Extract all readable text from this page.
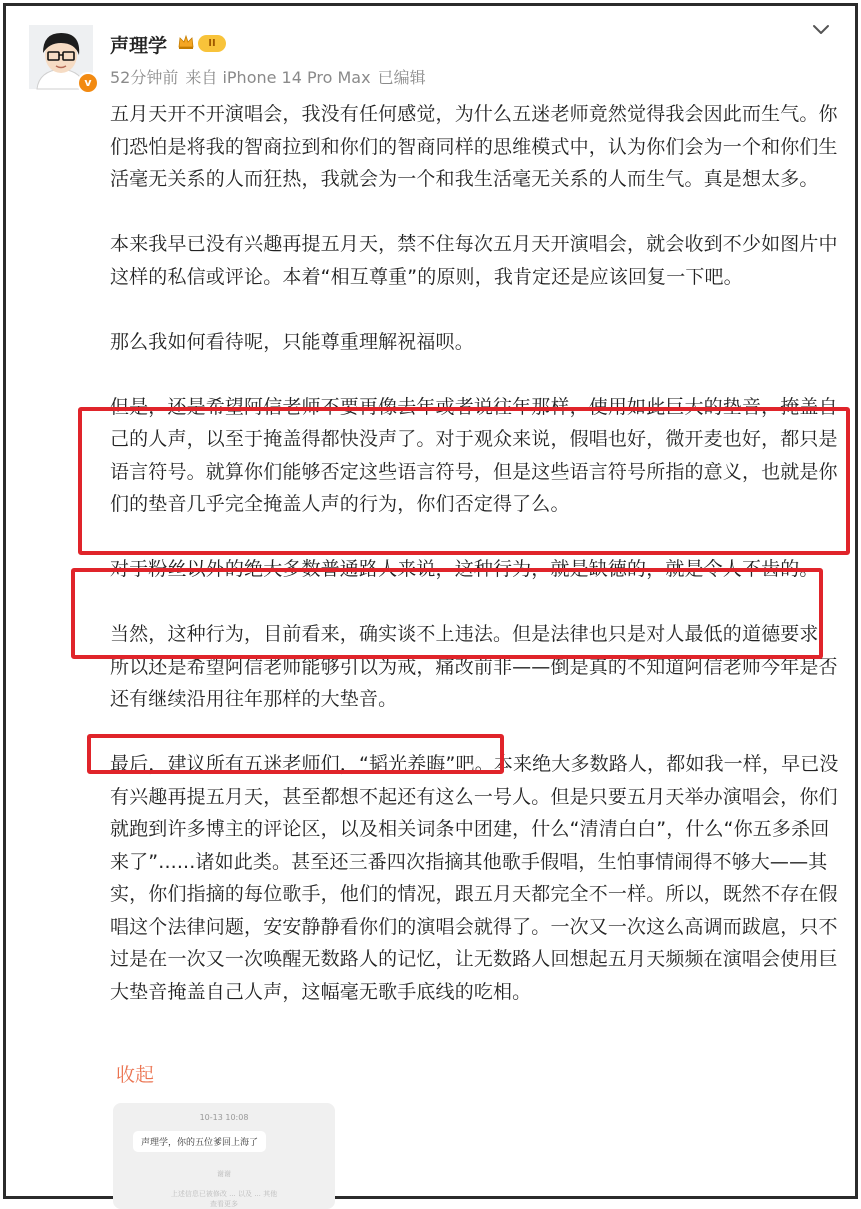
v
声理学	II
52分钟前 来自 iPhone 14 Pro Max 已编辑

五月天开不开演唱会，我没有任何感觉，为什么五迷老师竟然觉得我会因此而生气。你们恐怕是将我的智商拉到和你们的智商同样的思维模式中，认为你们会为一个和你们生活毫无关系的人而狂热，我就会为一个和我生活毫无关系的人而生气。真是想太多。

本来我早已没有兴趣再提五月天，禁不住每次五月天开演唱会，就会收到不少如图片中这样的私信或评论。本着“相互尊重”的原则，我肯定还是应该回复一下吧。

那么我如何看待呢，只能尊重理解祝福呗。

但是，还是希望阿信老师不要再像去年或者说往年那样，使用如此巨大的垫音，掩盖自己的人声，以至于掩盖得都快没声了。对于观众来说，假唱也好，微开麦也好，都只是语言符号。就算你们能够否定这些语言符号，但是这些语言符号所指的意义，也就是你们的垫音几乎完全掩盖人声的行为，你们否定得了么。

对于粉丝以外的绝大多数普通路人来说，这种行为，就是缺德的，就是令人不齿的。

当然，这种行为，目前看来，确实谈不上违法。但是法律也只是对人最低的道德要求，所以还是希望阿信老师能够引以为戒，痛改前非——倒是真的不知道阿信老师今年是否还有继续沿用往年那样的大垫音。

最后，建议所有五迷老师们，“韬光养晦”吧。本来绝大多数路人，都如我一样，早已没有兴趣再提五月天，甚至都想不起还有这么一号人。但是只要五月天举办演唱会，你们就跑到许多博主的评论区，以及相关词条中团建，什么“清清白白”，什么“你五多杀回来了”......诸如此类。甚至还三番四次指摘其他歌手假唱，生怕事情闹得不够大——其实，你们指摘的每位歌手，他们的情况，跟五月天都完全不一样。所以，既然不存在假唱这个法律问题，安安静静看你们的演唱会就得了。一次又一次这么高调而跋扈，只不过是在一次又一次唤醒无数路人的记忆，让无数路人回想起五月天频频在演唱会使用巨大垫音掩盖自己人声，这幅毫无歌手底线的吃相。

收起
10-13 10:08
声理学，你的五位爹回上海了
谢谢
上述信息已被修改 ... 以及 ... 其他
查看更多
